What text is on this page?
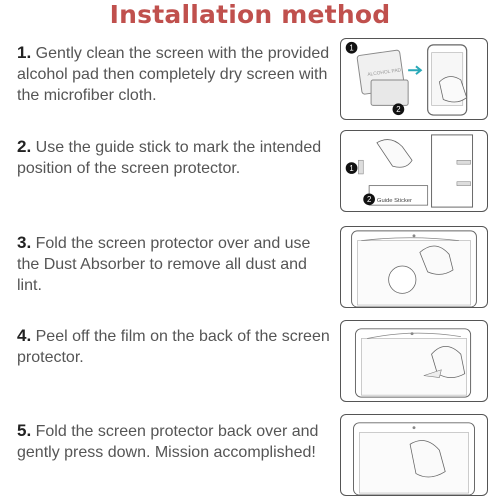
Installation method
1. Gently clean the screen with the provided alcohol pad then completely dry screen with the microfiber cloth.
1
ALCOHOL PAD
2
2. Use the guide stick to mark the intended position of the screen protector.	1
2 Guide Sticker
3. Fold the screen protector over and use the Dust Absorber to remove all dust and lint.
4. Peel off the film on the back of the screen protector.
5. Fold the screen protector back over and gently press down. Mission accomplished!
